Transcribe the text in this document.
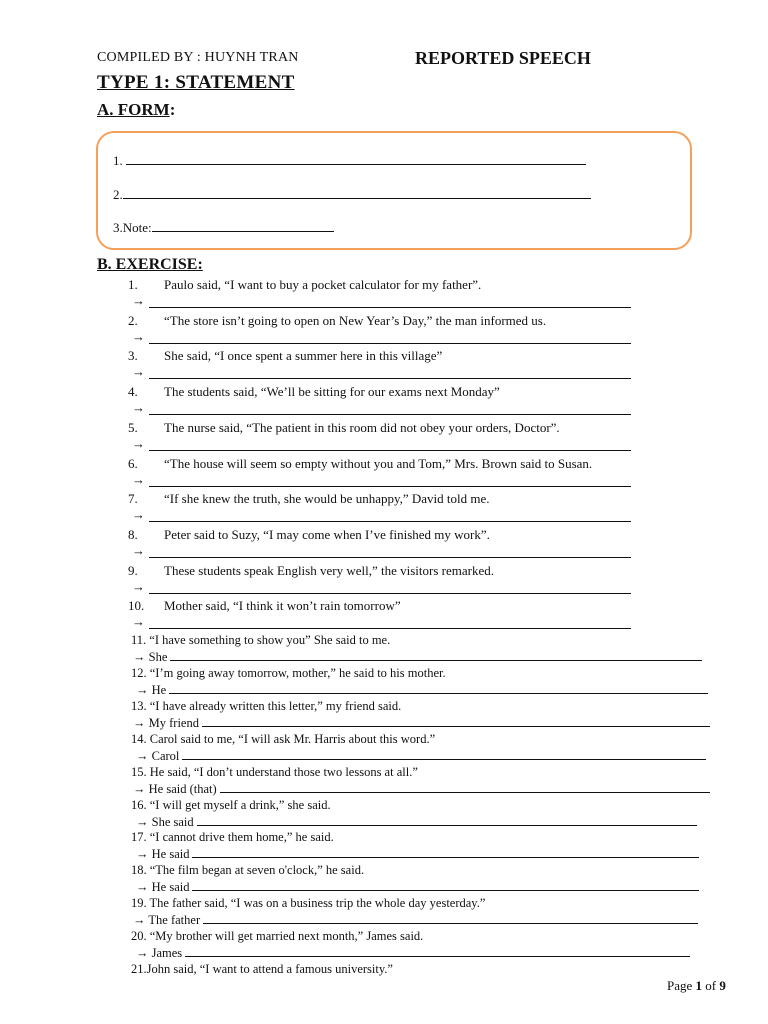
COMPILED BY : HUYNH TRAN	REPORTED SPEECH
TYPE 1: STATEMENT
A. FORM:
1.
2.
3.Note:
B. EXERCISE:
1. Paulo said, “I want to buy a pocket calculator for my father”.
→
2. “The store isn’t going to open on New Year’s Day,” the man informed us.
→
3. She said, “I once spent a summer here in this village”
→
4. The students said, “We’ll be sitting for our exams next Monday”
→
5. The nurse said, “The patient in this room did not obey your orders, Doctor”.
→
6. “The house will seem so empty without you and Tom,” Mrs. Brown said to Susan.
→
7. “If she knew the truth, she would be unhappy,” David told me.
→
8. Peter said to Suzy, “I may come when I’ve finished my work”.
→
9. These students speak English very well,” the visitors remarked.
→
10. Mother said, “I think it won’t rain tomorrow”
→
11. “I have something to show you” She said to me.
→ She
12. “I’m going away tomorrow, mother,” he said to his mother.
→ He
13. “I have already written this letter,” my friend said.
→ My friend
14. Carol said to me, “I will ask Mr. Harris about this word.”
→ Carol
15. He said, “I don’t understand those two lessons at all.”
→ He said (that)
16. “I will get myself a drink,” she said.
→ She said
17. “I cannot drive them home,” he said.
→ He said
18. “The film began at seven o'clock,” he said.
→ He said
19. The father said, “I was on a business trip the whole day yesterday.”
→ The father
20. “My brother will get married next month,” James said.
→ James
21.John said, “I want to attend a famous university.”
Page 1 of 9
